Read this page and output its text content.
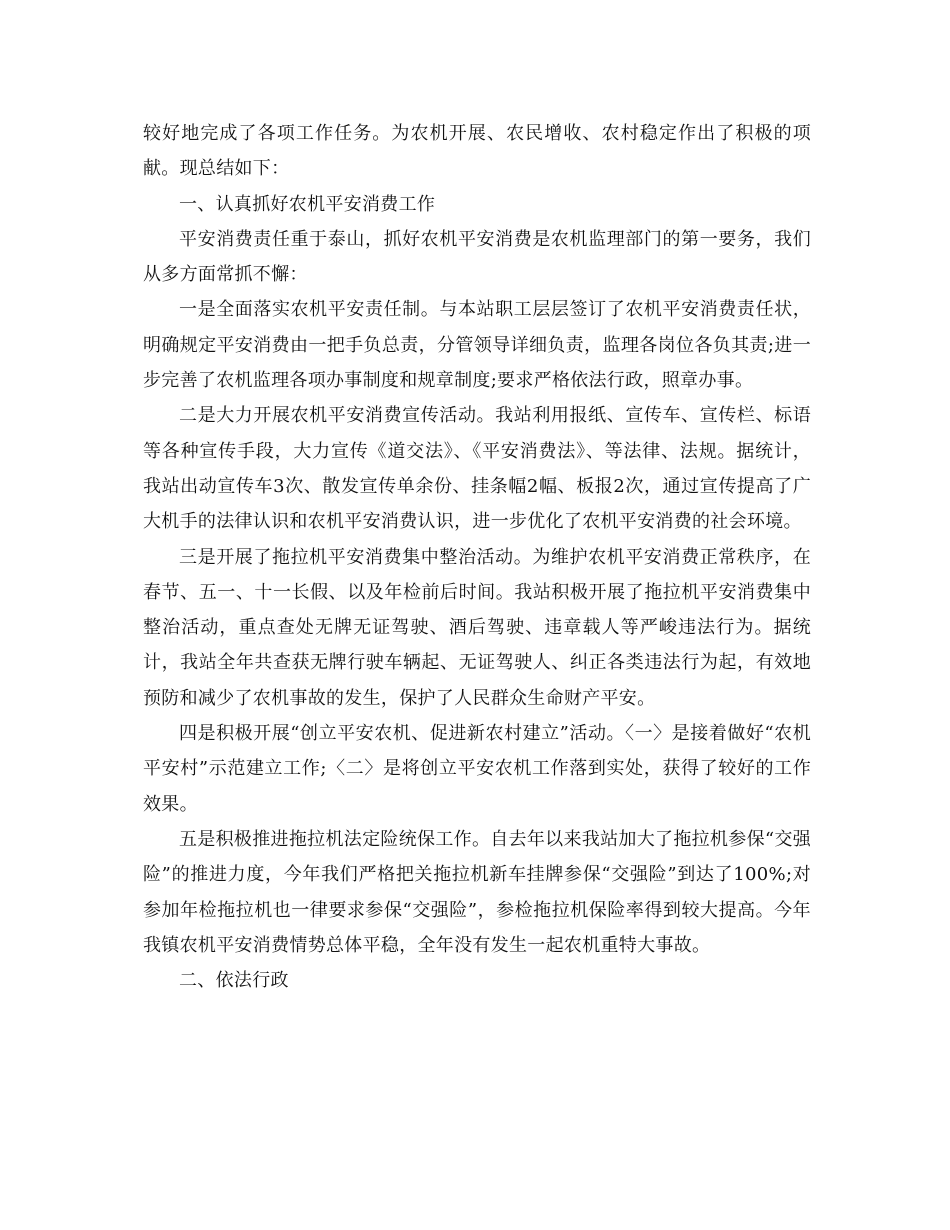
较好地完成了各项工作任务。为农机开展、农民增收、农村稳定作出了积极的项献。现总结如下：

一、认真抓好农机平安消费工作

平安消费责任重于泰山，抓好农机平安消费是农机监理部门的第一要务，我们从多方面常抓不懈：

一是全面落实农机平安责任制。与本站职工层层签订了农机平安消费责任状，明确规定平安消费由一把手负总责，分管领导详细负责，监理各岗位各负其责;进一步完善了农机监理各项办事制度和规章制度;要求严格依法行政，照章办事。

二是大力开展农机平安消费宣传活动。我站利用报纸、宣传车、宣传栏、标语等各种宣传手段，大力宣传《道交法》、《平安消费法》、等法律、法规。据统计，我站出动宣传车3次、散发宣传单余份、挂条幅2幅、板报2次，通过宣传提高了广大机手的法律认识和农机平安消费认识，进一步优化了农机平安消费的社会环境。

三是开展了拖拉机平安消费集中整治活动。为维护农机平安消费正常秩序，在春节、五一、十一长假、以及年检前后时间。我站积极开展了拖拉机平安消费集中整治活动，重点查处无牌无证驾驶、酒后驾驶、违章载人等严峻违法行为。据统计，我站全年共查获无牌行驶车辆起、无证驾驶人、纠正各类违法行为起，有效地预防和减少了农机事故的发生，保护了人民群众生命财产平安。

四是积极开展“创立平安农机、促进新农村建立”活动。〈一〉是接着做好“农机平安村”示范建立工作;〈二〉是将创立平安农机工作落到实处，获得了较好的工作效果。

五是积极推进拖拉机法定险统保工作。自去年以来我站加大了拖拉机参保“交强险”的推进力度，今年我们严格把关拖拉机新车挂牌参保“交强险”到达了100%;对参加年检拖拉机也一律要求参保“交强险”，参检拖拉机保险率得到较大提高。今年我镇农机平安消费情势总体平稳，全年没有发生一起农机重特大事故。

二、依法行政
